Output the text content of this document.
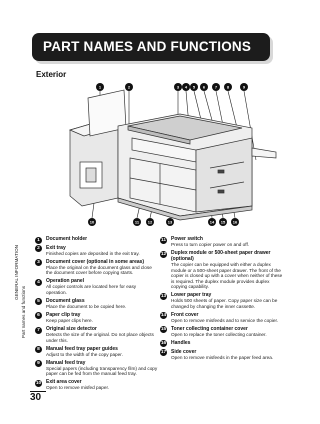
PART NAMES AND FUNCTIONS
Exterior
1	2	3 4 5 6 7 8	9
10	11 12	13	14 15 16
GENERAL INFORMATION
Part names and functions
1	Document holder
2	Exit tray
Finished copies are deposited in the exit tray.
3	Document cover (optional in some areas)
Place the original on the document glass and close the document cover before copying starts.
4	Operation panel
All copier controls are located here for easy operation.
5	Document glass
Place the document to be copied here.
6	Paper clip tray
Keep paper clips here.
7	Original size detector
Detects the size of the original. Do not place objects under this.
8	Manual feed tray paper guides
Adjust to the width of the copy paper.
9	Manual feed tray
Special papers (including transparency film) and copy paper can be fed from the manual feed tray.
10 Exit area cover
Open to remove misfed paper.
11 Power switch
Press to turn copier power on and off.
12 Duplex module or 500-sheet paper drawer (optional)
The copier can be equipped with either a duplex module or a 500-sheet paper drawer. The front of the copier is closed up with a cover when neither of these is required. The duplex module provides duplex copying capability.
13 Lower paper tray
Holds 500 sheets of paper. Copy paper size can be changed by changing the inner cassette.
14 Front cover
Open to remove misfeeds and to service the copier.
15 Toner collecting container cover
Open to replace the toner collecting container.
16 Handles
17 Side cover
Open to remove misfeeds in the paper feed area.
30
